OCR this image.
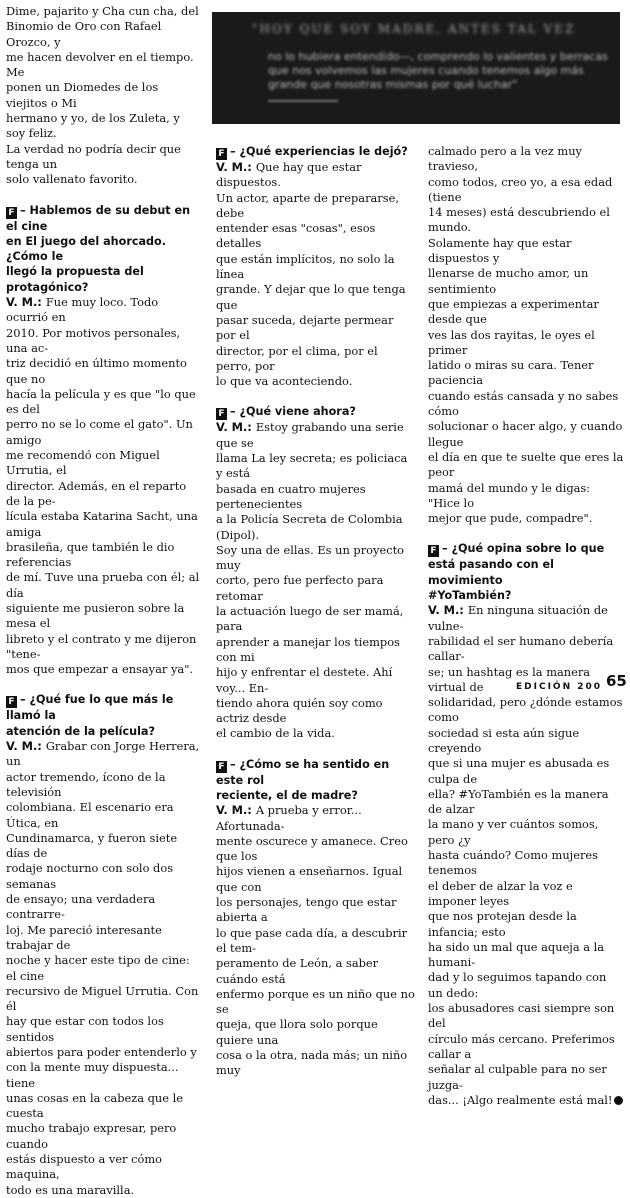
Dime, pajarito y Cha cun cha, del
Binomio de Oro con Rafael Orozco, y
me hacen devolver en el tiempo. Me
ponen un Diomedes de los viejitos o Mi
hermano y yo, de los Zuleta, y soy feliz.
La verdad no podría decir que tenga un
solo vallenato favorito.
F – Hablemos de su debut en el cine
en El juego del ahorcado. ¿Cómo le
llegó la propuesta del protagónico?
V. M.: Fue muy loco. Todo ocurrió en
2010. Por motivos personales, una ac-
triz decidió en último momento que no
hacía la película y es que "lo que es del
perro no se lo come el gato". Un amigo
me recomendó con Miguel Urrutia, el
director. Además, en el reparto de la pe-
lícula estaba Katarina Sacht, una amiga
brasileña, que también le dio referencias
de mí. Tuve una prueba con él; al día
siguiente me pusieron sobre la mesa el
libreto y el contrato y me dijeron "tene-
mos que empezar a ensayar ya".
F – ¿Qué fue lo que más le llamó la
atención de la película?
V. M.: Grabar con Jorge Herrera, un
actor tremendo, ícono de la televisión
colombiana. El escenario era Útica, en
Cundinamarca, y fueron siete días de
rodaje nocturno con solo dos semanas
de ensayo; una verdadera contrarre-
loj. Me pareció interesante trabajar de
noche y hacer este tipo de cine: el cine
recursivo de Miguel Urrutia. Con él
hay que estar con todos los sentidos
abiertos para poder entenderlo y
con la mente muy dispuesta... tiene
unas cosas en la cabeza que le cuesta
mucho trabajo expresar, pero cuando
estás dispuesto a ver cómo maquina,
todo es una maravilla.
"HOY QUE SOY MADRE, ANTES TAL VEZ
no lo hubiera entendido—, comprendo lo valientes y berracas que nos volvemos las mujeres cuando tenemos algo más grande que nosotras mismas por qué luchar"
F – ¿Qué experiencias le dejó?
V. M.: Que hay que estar dispuestos.
Un actor, aparte de prepararse, debe
entender esas "cosas", esos detalles
que están implícitos, no solo la línea
grande. Y dejar que lo que tenga que
pasar suceda, dejarte permear por el
director, por el clima, por el perro, por
lo que va aconteciendo.
F – ¿Qué viene ahora?
V. M.: Estoy grabando una serie que se
llama La ley secreta; es policiaca y está
basada en cuatro mujeres pertenecientes
a la Policía Secreta de Colombia (Dipol).
Soy una de ellas. Es un proyecto muy
corto, pero fue perfecto para retomar
la actuación luego de ser mamá, para
aprender a manejar los tiempos con mi
hijo y enfrentar el destete. Ahí voy... En-
tiendo ahora quién soy como actriz desde
el cambio de la vida.
F – ¿Cómo se ha sentido en este rol
reciente, el de madre?
V. M.: A prueba y error... Afortunada-
mente oscurece y amanece. Creo que los
hijos vienen a enseñarnos. Igual que con
los personajes, tengo que estar abierta a
lo que pase cada día, a descubrir el tem-
peramento de León, a saber cuándo está
enfermo porque es un niño que no se
queja, que llora solo porque quiere una
cosa o la otra, nada más; un niño muy
calmado pero a la vez muy travieso,
como todos, creo yo, a esa edad (tiene
14 meses) está descubriendo el mundo.
Solamente hay que estar dispuestos y
llenarse de mucho amor, un sentimiento
que empiezas a experimentar desde que
ves las dos rayitas, le oyes el primer
latido o miras su cara. Tener paciencia
cuando estás cansada y no sabes cómo
solucionar o hacer algo, y cuando llegue
el día en que te suelte que eres la peor
mamá del mundo y le digas: "Hice lo
mejor que pude, compadre".
F – ¿Qué opina sobre lo que
está pasando con el movimiento
#YoTambién?
V. M.: En ninguna situación de vulne-
rabilidad el ser humano debería callar-
se; un hashtag es la manera virtual de
solidaridad, pero ¿dónde estamos como
sociedad si esta aún sigue creyendo
que si una mujer es abusada es culpa de
ella? #YoTambién es la manera de alzar
la mano y ver cuántos somos, pero ¿y
hasta cuándo? Como mujeres tenemos
el deber de alzar la voz e imponer leyes
que nos protejan desde la infancia; esto
ha sido un mal que aqueja a la humani-
dad y lo seguimos tapando con un dedo:
los abusadores casi siempre son del
círculo más cercano. Preferimos callar a
señalar al culpable para no ser juzga-
das... ¡Algo realmente está mal!
EDICIÓN 200 65
